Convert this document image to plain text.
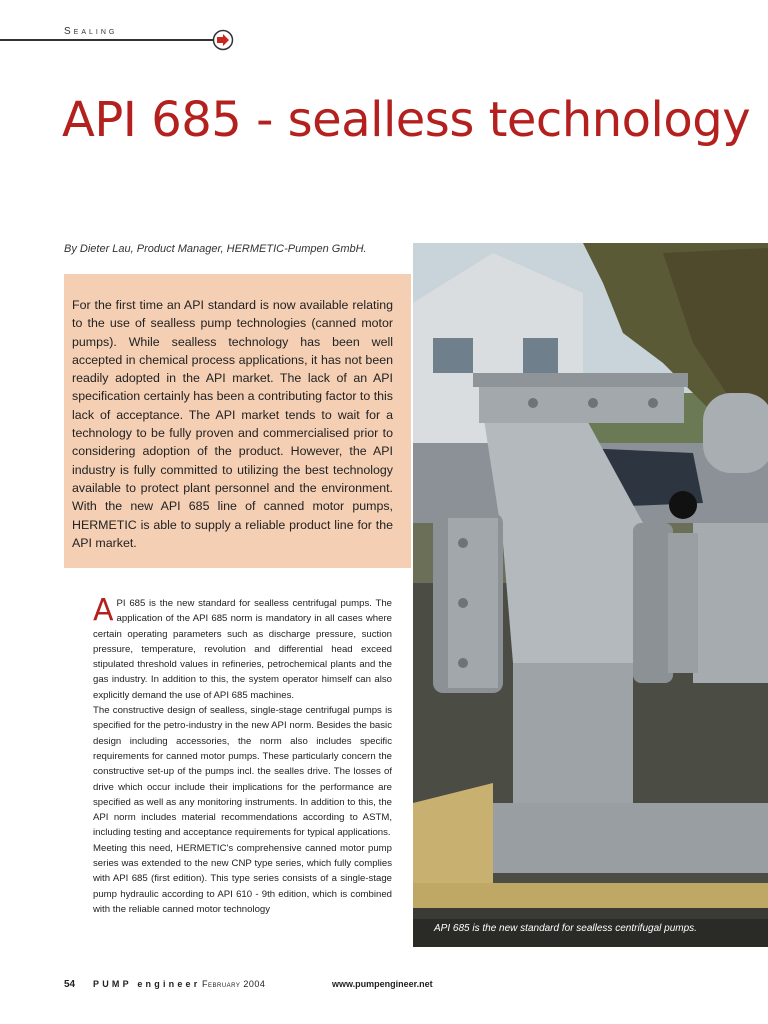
Sealing
API 685 - sealless technology
By Dieter Lau, Product Manager, HERMETIC-Pumpen GmbH.

For the first time an API standard is now available relating to the use of sealless pump technologies (canned motor pumps). While sealless technology has been well accepted in chemical process applications, it has not been readily adopted in the API market. The lack of an API specification certainly has been a contributing factor to this lack of acceptance. The API market tends to wait for a technology to be fully proven and commercialised prior to considering adoption of the product. However, the API industry is fully committed to utilizing the best technology available to protect plant personnel and the environment. With the new API 685 line of canned motor pumps, HERMETIC is able to supply a reliable product line for the API market.

API 685 is the new standard for sealless centrifugal pumps. The application of the API 685 norm is mandatory in all cases where certain operating parameters such as discharge pressure, suction pressure, temperature, revolution and differential head exceed stipulated threshold values in refineries, petrochemical plants and the gas industry. In addition to this, the system operator himself can also explicitly demand the use of API 685 machines.

The constructive design of sealless, single-stage centrifugal pumps is specified for the petro-industry in the new API norm. Besides the basic design including accessories, the norm also includes specific requirements for canned motor pumps. These particularly concern the constructive set-up of the pumps incl. the sealles drive. The losses of drive which occur include their implications for the performance are specified as well as any monitoring instruments. In addition to this, the API norm includes material recommendations according to ASTM, including testing and acceptance requirements for typical applications.

Meeting this need, HERMETIC's comprehensive canned motor pump series was extended to the new CNP type series, which fully complies with API 685 (first edition). This type series consists of a single-stage pump hydraulic according to API 610 - 9th edition, which is combined with the reliable canned motor technology

API 685 is the new standard for sealless centrifugal pumps.
54 PUMP engineer February 2004	www.pumpengineer.net
